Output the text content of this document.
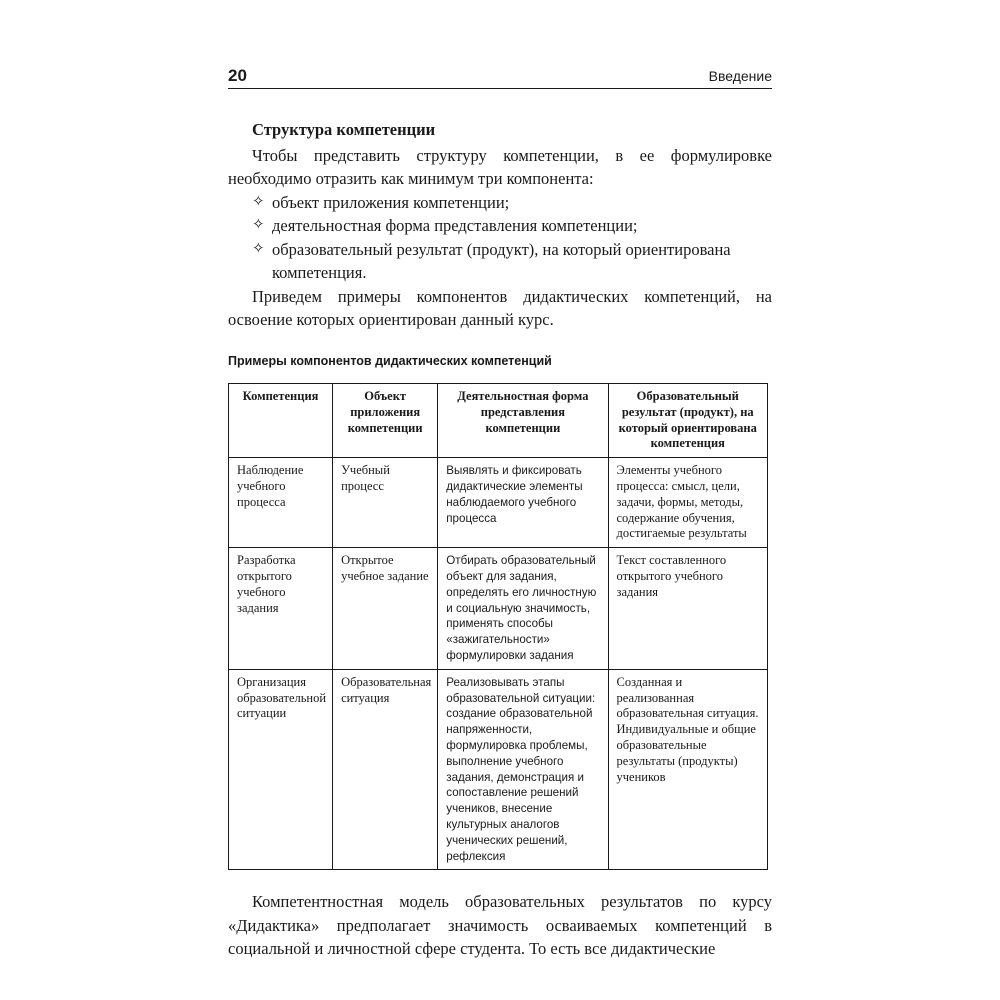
20	Введение
Структура компетенции

Чтобы представить структуру компетенции, в ее формулировке необходимо отразить как минимум три компонента:

✧ объект приложения компетенции;
✧ деятельностная форма представления компетенции;
✧ образовательный результат (продукт), на который ориентирована компетенция.

Приведем примеры компонентов дидактических компетенций, на освоение которых ориентирован данный курс.

Примеры компонентов дидактических компетенций
Компетенция	Объект приложения компетенции	Деятельностная форма представления компетенции	Образовательный результат (продукт), на который ориентирована компетенция
Наблюдение учебного процесса	Учебный процесс	Выявлять и фиксировать дидактические элементы наблюдаемого учебного процесса	Элементы учебного процесса: смысл, цели, задачи, формы, методы, содержание обучения, достигаемые результаты
Разработка открытого учебного задания	Открытое учебное задание	Отбирать образовательный объект для задания, определять его личностную и социальную значимость, применять способы «зажигательности» формулировки задания	Текст составленного открытого учебного задания
Организация образовательной ситуации	Образовательная ситуация	Реализовывать этапы образовательной ситуации: создание образовательной напряженности, формулировка проблемы, выполнение учебного задания, демонстрация и сопоставление решений учеников, внесение культурных аналогов ученических решений, рефлексия	Созданная и реализованная образовательная ситуация. Индивидуальные и общие образовательные результаты (продукты) учеников

Компетентностная модель образовательных результатов по курсу «Дидактика» предполагает значимость осваиваемых компетенций в социальной и личностной сфере студента. То есть все дидактические
